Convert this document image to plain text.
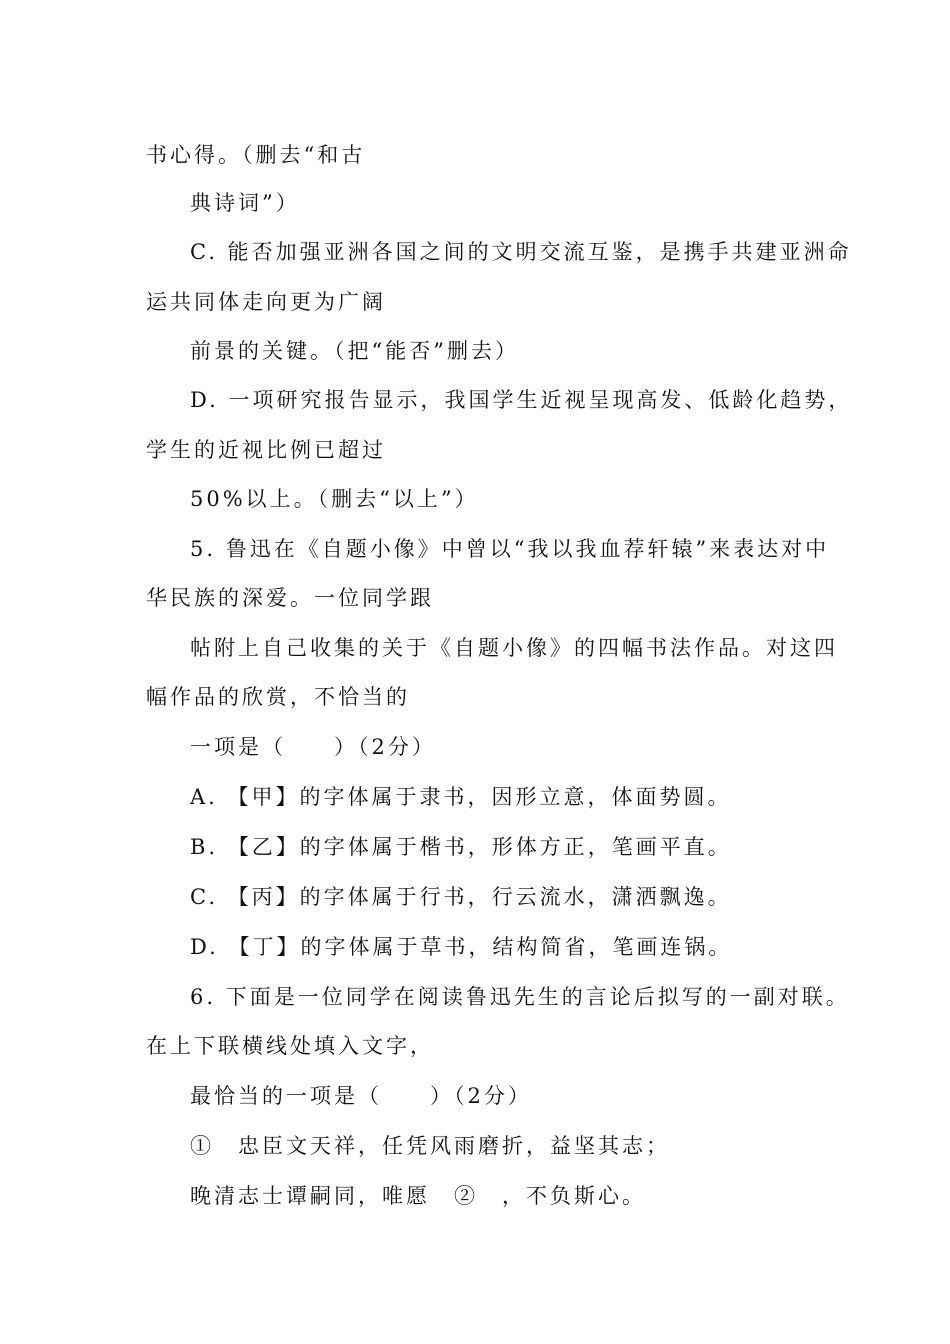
书心得。（删去“和古
典诗词”）
C. 能否加强亚洲各国之间的文明交流互鉴，是携手共建亚洲命
运共同体走向更为广阔
前景的关键。（把“能否”删去）
D. 一项研究报告显示，我国学生近视呈现高发、低龄化趋势，
学生的近视比例已超过
50%以上。（删去“以上”）
5. 鲁迅在《自题小像》中曾以“我以我血荐轩辕”来表达对中
华民族的深爱。一位同学跟
帖附上自己收集的关于《自题小像》的四幅书法作品。对这四
幅作品的欣赏，不恰当的
一项是（　　）（2分）
A. 【甲】的字体属于隶书，因形立意，体面势圆。
B. 【乙】的字体属于楷书，形体方正，笔画平直。
C. 【丙】的字体属于行书，行云流水，潇洒飘逸。
D. 【丁】的字体属于草书，结构简省，笔画连锅。
6. 下面是一位同学在阅读鲁迅先生的言论后拟写的一副对联。
在上下联横线处填入文字，
最恰当的一项是（　　）（2分）
①　忠臣文天祥，任凭风雨磨折，益坚其志；
晚清志士谭嗣同，唯愿　②　，不负斯心。
